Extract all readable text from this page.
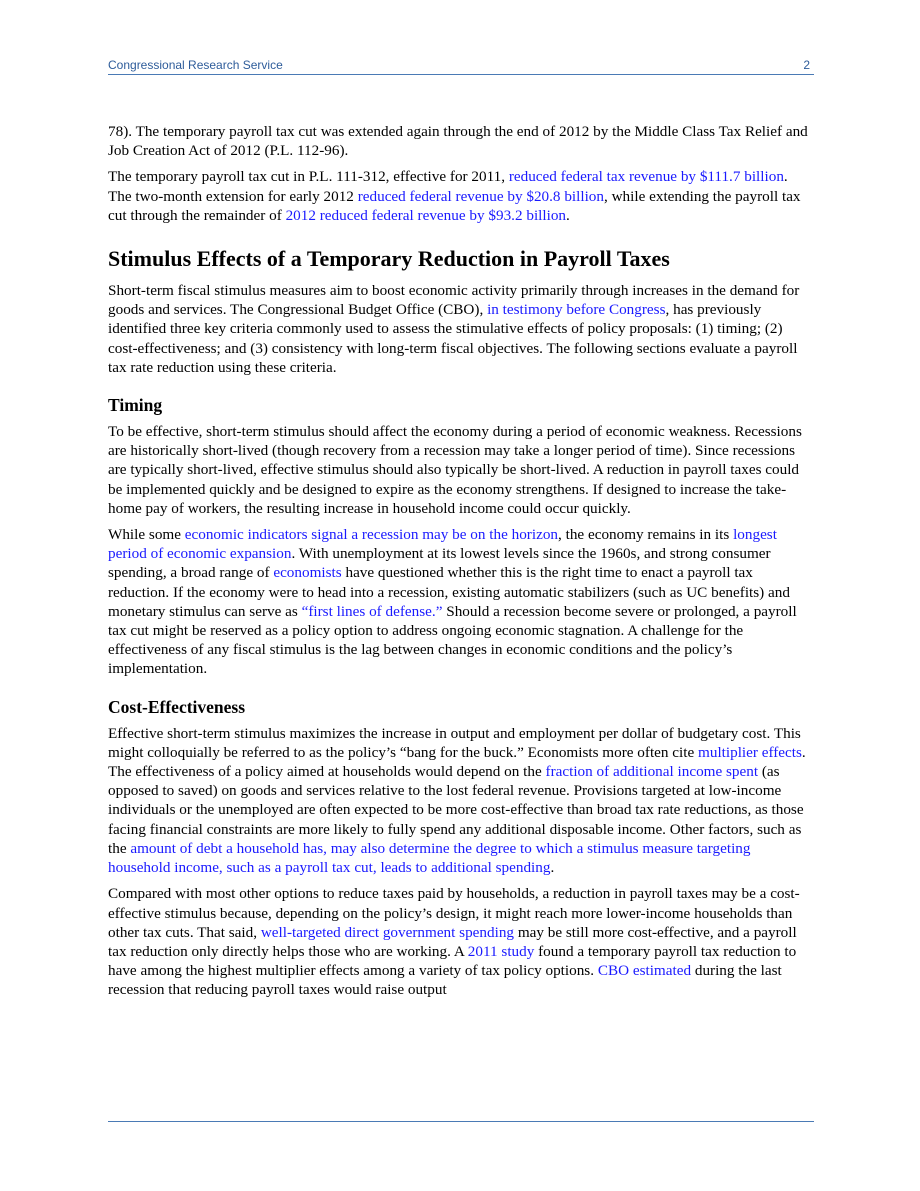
Congressional Research Service	2

78). The temporary payroll tax cut was extended again through the end of 2012 by the Middle Class Tax Relief and Job Creation Act of 2012 (P.L. 112-96).

The temporary payroll tax cut in P.L. 111-312, effective for 2011, reduced federal tax revenue by $111.7 billion. The two-month extension for early 2012 reduced federal revenue by $20.8 billion, while extending the payroll tax cut through the remainder of 2012 reduced federal revenue by $93.2 billion.

Stimulus Effects of a Temporary Reduction in Payroll Taxes

Short-term fiscal stimulus measures aim to boost economic activity primarily through increases in the demand for goods and services. The Congressional Budget Office (CBO), in testimony before Congress, has previously identified three key criteria commonly used to assess the stimulative effects of policy proposals: (1) timing; (2) cost-effectiveness; and (3) consistency with long-term fiscal objectives. The following sections evaluate a payroll tax rate reduction using these criteria.

Timing

To be effective, short-term stimulus should affect the economy during a period of economic weakness. Recessions are historically short-lived (though recovery from a recession may take a longer period of time). Since recessions are typically short-lived, effective stimulus should also typically be short-lived. A reduction in payroll taxes could be implemented quickly and be designed to expire as the economy strengthens. If designed to increase the take-home pay of workers, the resulting increase in household income could occur quickly.

While some economic indicators signal a recession may be on the horizon, the economy remains in its longest period of economic expansion. With unemployment at its lowest levels since the 1960s, and strong consumer spending, a broad range of economists have questioned whether this is the right time to enact a payroll tax reduction. If the economy were to head into a recession, existing automatic stabilizers (such as UC benefits) and monetary stimulus can serve as “first lines of defense.” Should a recession become severe or prolonged, a payroll tax cut might be reserved as a policy option to address ongoing economic stagnation. A challenge for the effectiveness of any fiscal stimulus is the lag between changes in economic conditions and the policy’s implementation.

Cost-Effectiveness

Effective short-term stimulus maximizes the increase in output and employment per dollar of budgetary cost. This might colloquially be referred to as the policy’s “bang for the buck.” Economists more often cite multiplier effects. The effectiveness of a policy aimed at households would depend on the fraction of additional income spent (as opposed to saved) on goods and services relative to the lost federal revenue. Provisions targeted at low-income individuals or the unemployed are often expected to be more cost-effective than broad tax rate reductions, as those facing financial constraints are more likely to fully spend any additional disposable income. Other factors, such as the amount of debt a household has, may also determine the degree to which a stimulus measure targeting household income, such as a payroll tax cut, leads to additional spending.

Compared with most other options to reduce taxes paid by households, a reduction in payroll taxes may be a cost-effective stimulus because, depending on the policy’s design, it might reach more lower-income households than other tax cuts. That said, well-targeted direct government spending may be still more cost-effective, and a payroll tax reduction only directly helps those who are working. A 2011 study found a temporary payroll tax reduction to have among the highest multiplier effects among a variety of tax policy options. CBO estimated during the last recession that reducing payroll taxes would raise output
